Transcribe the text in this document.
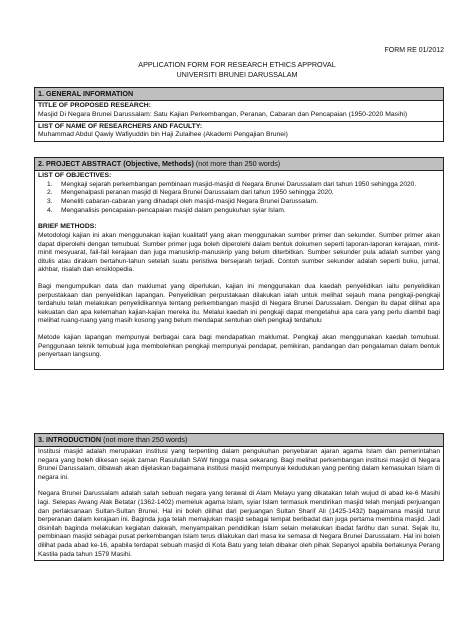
FORM RE 01/2012
APPLICATION FORM FOR RESEARCH ETHICS APPROVAL
UNIVERSITI BRUNEI DARUSSALAM
1. GENERAL INFORMATION
TITLE OF PROPOSED RESEARCH:
Masjid Di Negara Brunei Darussalam: Satu Kajian Perkembangan, Peranan, Cabaran dan Pencapaian (1950-2020 Masihi)
LIST OF NAME OF RESEARCHERS AND FACULTY:
Muhammad Abdul Qawiy Wafiyuddin bin Haji Zulaihee (Akademi Pengajian Brunei)
2. PROJECT ABSTRACT (Objective, Methods) (not more than 250 words)
LIST OF OBJECTIVES:
1. Mengkaji sejarah perkembangan pembinaan masjid-masjid di Negara Brunei Darussalam dari tahun 1950 sehingga 2020.
2. Mengenalpasti peranan masjid di Negara Brunei Darussalam dari tahun 1950 sehingga 2020.
3. Meneliti cabaran-cabaran yang dihadapi oleh masjid-masjid Negara Brunei Darussalam.
4. Menganalisis pencapaian-pencapaian masjid dalam pengukuhan syiar Islam.
BRIEF METHODS:
Metodologi kajian ini akan menggunakan kajian kualitatif yang akan menggunakan sumber primer dan sekunder. Sumber primer akan dapat diperolehi dengan temubual. Sumber primer juga boleh diperolehi dalam bentuk dokumen seperti laporan-laporan kerajaan, minit-minit mesyuarat, fail-fail kerajaan dan juga manuskrip-manuskrip yang belum diterbitkan. Sumber sekunder pula adalah sumber yang ditulis atau dirakam bertahun-tahun setelah suatu peristiwa bersejarah terjadi. Contoh sumber sekunder adalah seperti buku, jurnal, akhbar, risalah dan ensiklopedia.
Bagi mengumpulkan data dan maklumat yang diperlukan, kajian ini menggunakan dua kaedah penyelidikan iaitu penyelidikan perpustakaan dan penyelidikan lapangan. Penyelidikan perpustakaan dilakukan ialah untuk melihat sejauh mana pengkaji-pengkaji terdahulu telah melakukan penyelidikannya tentang perkembangan masjid di Negara Brunei Darussalam. Dengan itu dapat dilihat apa kekuatan dan apa kelemahan kajian-kajian mereka itu. Melalui kaedah ini pengkaji dapat mengetahui apa cara yang perlu diambil bagi melihat ruang-ruang yang masih kosong yang belum mendapat sentuhan oleh pengkaji terdahulu
Metode kajian lapangan mempunyai berbagai cara bagi mendapatkan maklumat. Pengkaji akan menggunakan kaedah temubual. Penggunaan teknik temubual juga membolehkan pengkaji mempunyai pendapat, pemikiran, pandangan dan pengalaman dalam bentuk penyertaan langsung.
3. INTRODUCTION (not more than 250 words)
Institusi masjid adalah merupakan institusi yang terpenting dalam pengukuhan penyebaran ajaran agama Islam dan pemerintahan negara yang boleh dikesan sejak zaman Rasulullah SAW hingga masa sekarang. Bagi melihat perkembangan institusi masjid di Negara Brunei Darussalam, dibawah akan dijelaskan bagaimana institusi masjid mempunyai kedudukan yang penting dalam kemasukan Islam di negara ini.
Negara Brunei Darussalam adalah salah sebuah negara yang terawal di Alam Melayu yang dikatakan telah wujud di abad ke-6 Masihi lagi. Selepas Awang Alak Betatar (1362-1402) memeluk agama Islam, syiar Islam termasuk mendirikan masjid telah menjadi perjuangan dan perlaksanaan Sultan-Sultan Brunei. Hal ini boleh dilihat dari perjuangan Sultan Sharif Ali (1425-1432) bagaimana masjid turut berperanan dalam kerajaan ini. Baginda juga telah memajukan masjid sebagai tempat beribadat dan juga pertama membina masjid. Jadi disinilah baginda melakukan kegiatan dakwah, menyampaikan pendidikan Islam selain melakukan ibadat fardhu dan sunat. Sejak itu, pembinaan masjid sebagai pusat perkembangan Islam terus dilakukan dari masa ke semasa di Negara Brunei Darussalam. Hal ini boleh dilihat pada abad ke-16, apabila terdapat sebuah masjid di Kota Batu yang telah dibakar oleh pihak Sepanyol apabila berlakunya Perang Kastila pada tahun 1579 Masihi.
